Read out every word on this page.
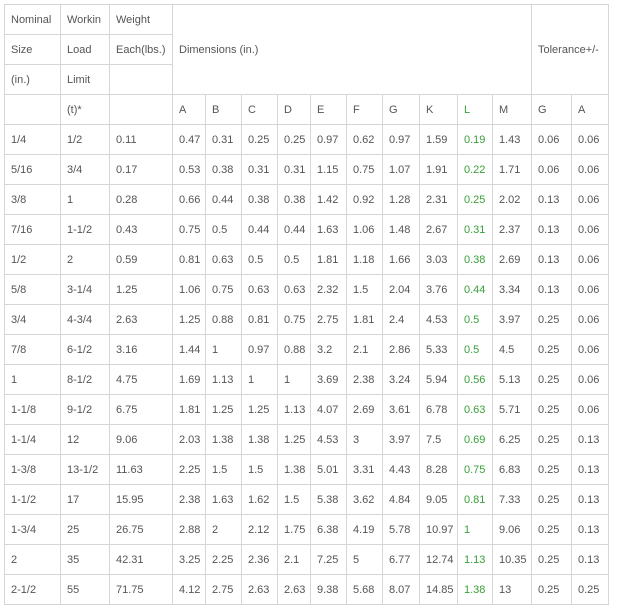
Nominal	Workin	Weight	Dimensions (in.)										Tolerance+/-	
Size	Load	Each(lbs.)												
(in.)	Limit													
	(t)*		A	B	C	D	E	F	G	K	L	M	G	A
1/4	1/2	0.11	0.47	0.31	0.25	0.25	0.97	0.62	0.97	1.59	0.19	1.43	0.06	0.06
5/16	3/4	0.17	0.53	0.38	0.31	0.31	1.15	0.75	1.07	1.91	0.22	1.71	0.06	0.06
3/8	1	0.28	0.66	0.44	0.38	0.38	1.42	0.92	1.28	2.31	0.25	2.02	0.13	0.06
7/16	1-1/2	0.43	0.75	0.5	0.44	0.44	1.63	1.06	1.48	2.67	0.31	2.37	0.13	0.06
1/2	2	0.59	0.81	0.63	0.5	0.5	1.81	1.18	1.66	3.03	0.38	2.69	0.13	0.06
5/8	3-1/4	1.25	1.06	0.75	0.63	0.63	2.32	1.5	2.04	3.76	0.44	3.34	0.13	0.06
3/4	4-3/4	2.63	1.25	0.88	0.81	0.75	2.75	1.81	2.4	4.53	0.5	3.97	0.25	0.06
7/8	6-1/2	3.16	1.44	1	0.97	0.88	3.2	2.1	2.86	5.33	0.5	4.5	0.25	0.06
1	8-1/2	4.75	1.69	1.13	1	1	3.69	2.38	3.24	5.94	0.56	5.13	0.25	0.06
1-1/8	9-1/2	6.75	1.81	1.25	1.25	1.13	4.07	2.69	3.61	6.78	0.63	5.71	0.25	0.06
1-1/4	12	9.06	2.03	1.38	1.38	1.25	4.53	3	3.97	7.5	0.69	6.25	0.25	0.13
1-3/8	13-1/2	11.63	2.25	1.5	1.5	1.38	5.01	3.31	4.43	8.28	0.75	6.83	0.25	0.13
1-1/2	17	15.95	2.38	1.63	1.62	1.5	5.38	3.62	4.84	9.05	0.81	7.33	0.25	0.13
1-3/4	25	26.75	2.88	2	2.12	1.75	6.38	4.19	5.78	10.97	1	9.06	0.25	0.13
2	35	42.31	3.25	2.25	2.36	2.1	7.25	5	6.77	12.74	1.13	10.35	0.25	0.13
2-1/2	55	71.75	4.12	2.75	2.63	2.63	9.38	5.68	8.07	14.85	1.38	13	0.25	0.25
